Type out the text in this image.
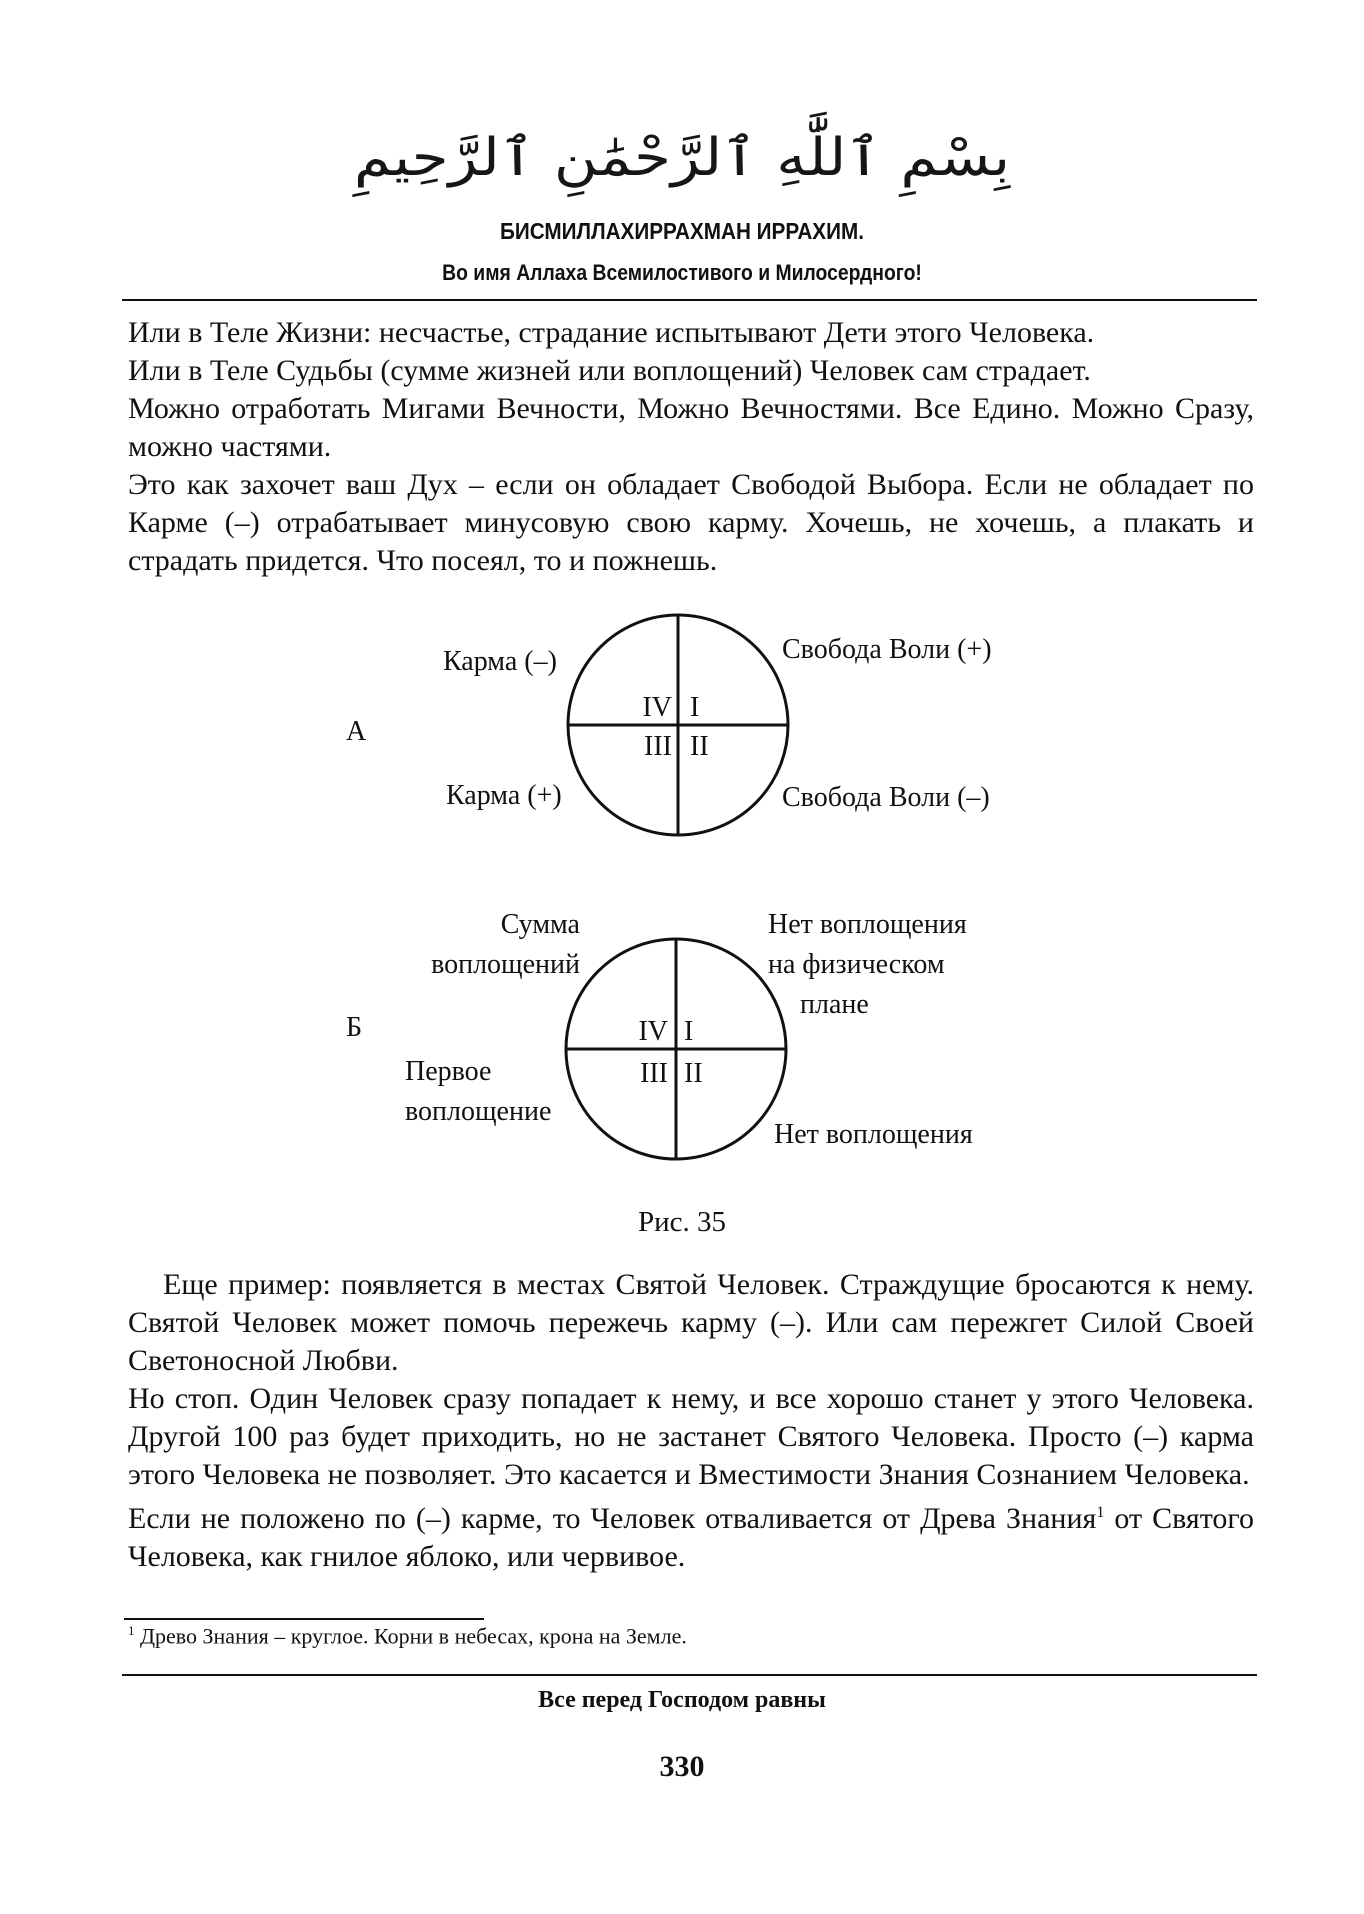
بِسْمِ ٱللَّٰهِ ٱلرَّحْمَٰنِ ٱلرَّحِيمِ
БИСМИЛЛАХИРРАХМАН ИРРАХИМ.
Во имя Аллаха Всемилостивого и Милосердного!

Или в Теле Жизни: несчастье, страдание испытывают Дети этого Человека.

Или в Теле Судьбы (сумме жизней или воплощений) Человек сам страдает.

Можно отработать Мигами Вечности, Можно Вечностями. Все Едино. Можно Сразу, можно частями.

Это как захочет ваш Дух – если он обладает Свободой Выбора. Если не обладает по Карме (–) отрабатывает минусовую свою карму. Хочешь, не хочешь, а плакать и страдать придется. Что посеял, то и пожнешь.

А
Карма (–)	Свобода Воли (+)
Карма (+)	Свобода Воли (–)
IV I
III II
Б
Сумма
воплощений
Нет воплощения
на физическом
плане
Первое
воплощение
Нет воплощения
IV I
III II
Рис. 35

Еще пример: появляется в местах Святой Человек. Страждущие бросаются к нему. Святой Человек может помочь пережечь карму (–). Или сам пережгет Силой Своей Светоносной Любви.

Но стоп. Один Человек сразу попадает к нему, и все хорошо станет у этого Человека. Другой 100 раз будет приходить, но не застанет Святого Человека. Просто (–) карма этого Человека не позволяет. Это касается и Вместимости Знания Сознанием Человека.

Если не положено по (–) карме, то Человек отваливается от Древа Знания$^1$ от Святого Человека, как гнилое яблоко, или червивое.

$^1$ Древо Знания – круглое. Корни в небесах, крона на Земле.
Все перед Господом равны
330
